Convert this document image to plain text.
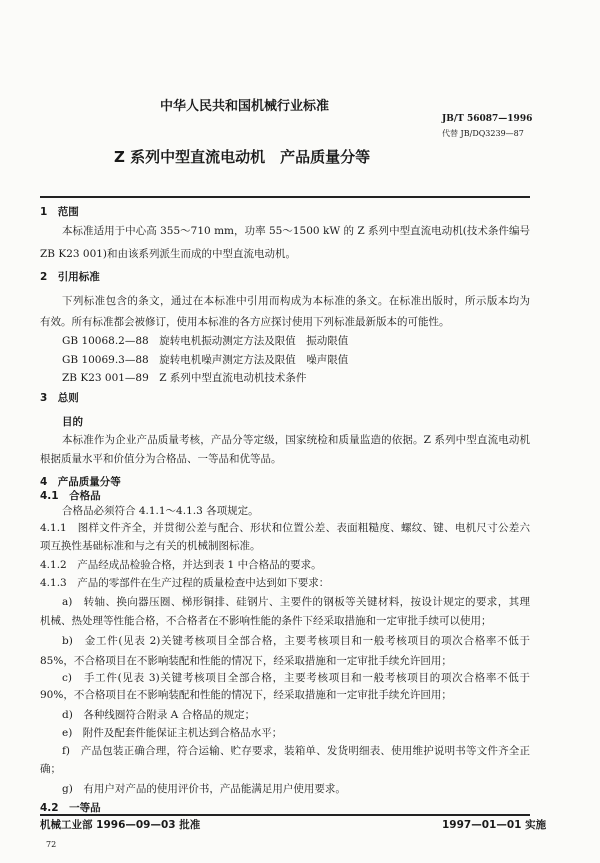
中华人民共和国机械行业标准
JB/T 56087—1996
代替 JB/DQ3239—87
Z 系列中型直流电动机　产品质量分等
1　范围
本标准适用于中心高 355～710 mm，功率 55～1500 kW 的 Z 系列中型直流电动机(技术条件编号
ZB K23 001)和由该系列派生而成的中型直流电动机。
2　引用标准
下列标准包含的条文，通过在本标准中引用而构成为本标准的条文。在标准出版时，所示版本均为
有效。所有标准都会被修订，使用本标准的各方应探讨使用下列标准最新版本的可能性。
GB 10068.2—88　旋转电机振动测定方法及限值　振动限值
GB 10069.3—88　旋转电机噪声测定方法及限值　噪声限值
ZB K23 001—89　Z 系列中型直流电动机技术条件
3　总则
目的
本标准作为企业产品质量考核，产品分等定级，国家统检和质量监造的依据。Z 系列中型直流电动机
根据质量水平和价值分为合格品、一等品和优等品。
4　产品质量分等
4.1　合格品
合格品必须符合 4.1.1～4.1.3 各项规定。
4.1.1　图样文件齐全，并贯彻公差与配合、形状和位置公差、表面粗糙度、螺纹、键、电机尺寸公差六
项互换性基础标准和与之有关的机械制图标准。
4.1.2　产品经成品检验合格，并达到表 1 中合格品的要求。
4.1.3　产品的零部件在生产过程的质量检查中达到如下要求：
a)　转轴、换向器压圈、梯形铜排、硅钢片、主要件的钢板等关键材料，按设计规定的要求，其理
机械、热处理等性能合格，不合格者在不影响性能的条件下经采取措施和一定审批手续可以使用；
b)　金工件(见表 2)关键考核项目全部合格，主要考核项目和一般考核项目的项次合格率不低于
85%，不合格项目在不影响装配和性能的情况下，经采取措施和一定审批手续允许回用；
c)　手工件(见表 3)关键考核项目全部合格，主要考核项目和一般考核项目的项次合格率不低于
90%，不合格项目在不影响装配和性能的情况下，经采取措施和一定审批手续允许回用；
d)　各种线圈符合附录 A 合格品的规定；
e)　附件及配套件能保证主机达到合格品水平；
f)　产品包装正确合理，符合运输、贮存要求，装箱单、发货明细表、使用维护说明书等文件齐全正
确；
g)　有用户对产品的使用评价书，产品能满足用户使用要求。
4.2　一等品
机械工业部 1996—09—03 批准	1997—01—01 实施
72
